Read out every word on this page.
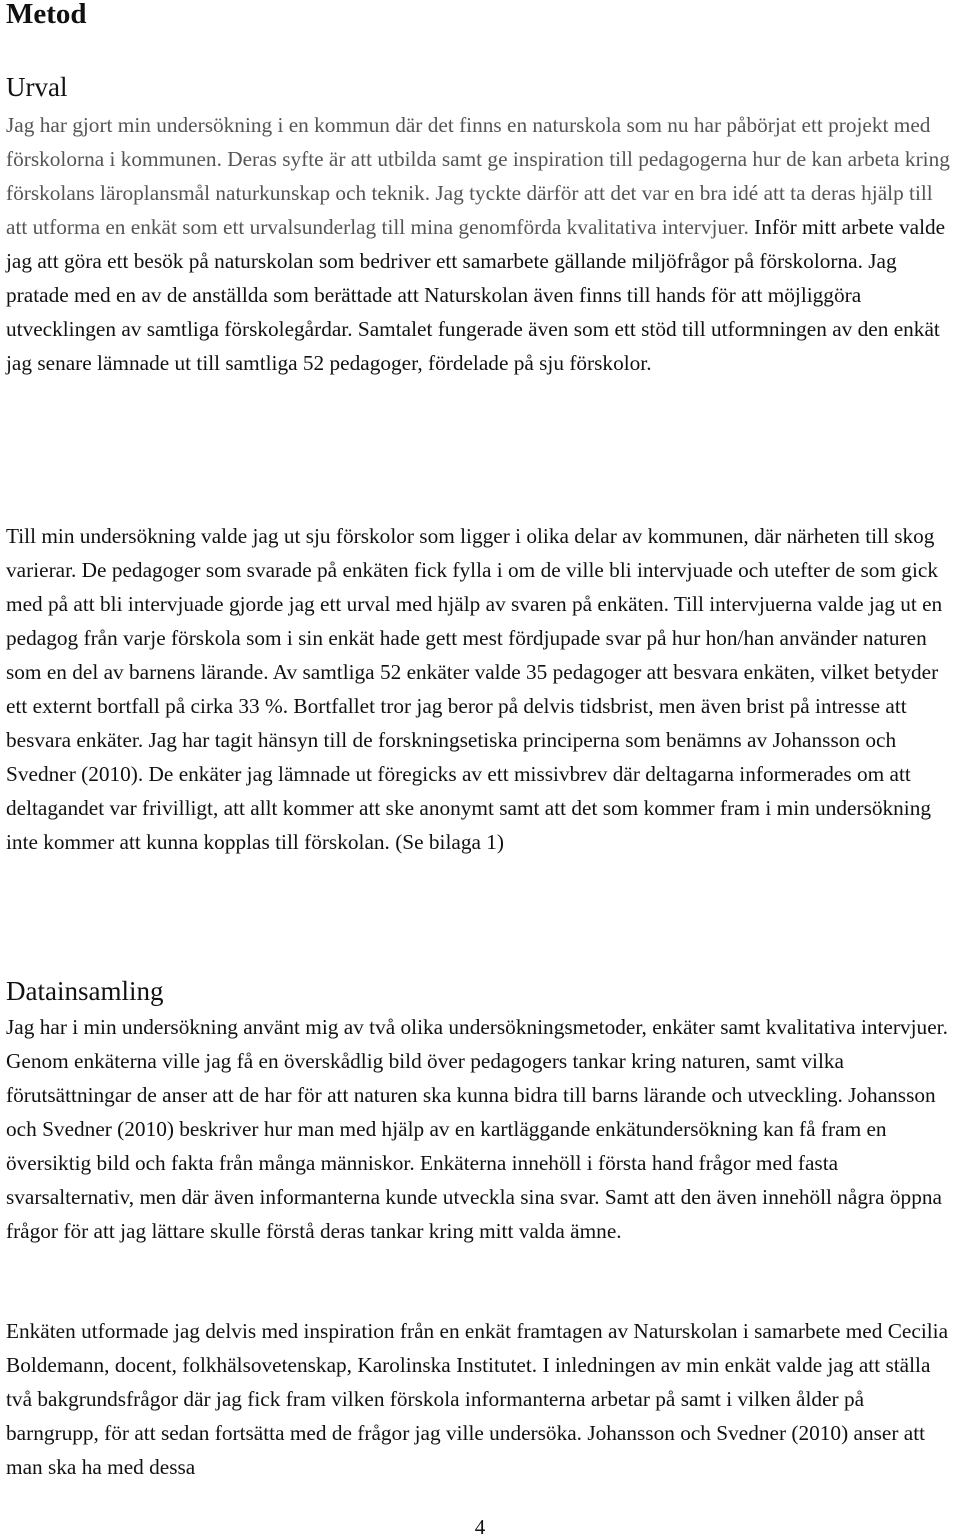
Metod
Urval

Jag har gjort min undersökning i en kommun där det finns en naturskola som nu har påbörjat ett projekt med förskolorna i kommunen. Deras syfte är att utbilda samt ge inspiration till pedagogerna hur de kan arbeta kring förskolans läroplansmål naturkunskap och teknik. Jag tyckte därför att det var en bra idé att ta deras hjälp till att utforma en enkät som ett urvalsunderlag till mina genomförda kvalitativa intervjuer. Inför mitt arbete valde jag att göra ett besök på naturskolan som bedriver ett samarbete gällande miljöfrågor på förskolorna. Jag pratade med en av de anställda som berättade att Naturskolan även finns till hands för att möjliggöra utvecklingen av samtliga förskolegårdar. Samtalet fungerade även som ett stöd till utformningen av den enkät jag senare lämnade ut till samtliga 52 pedagoger, fördelade på sju förskolor.

Till min undersökning valde jag ut sju förskolor som ligger i olika delar av kommunen, där närheten till skog varierar. De pedagoger som svarade på enkäten fick fylla i om de ville bli intervjuade och utefter de som gick med på att bli intervjuade gjorde jag ett urval med hjälp av svaren på enkäten. Till intervjuerna valde jag ut en pedagog från varje förskola som i sin enkät hade gett mest fördjupade svar på hur hon/han använder naturen som en del av barnens lärande. Av samtliga 52 enkäter valde 35 pedagoger att besvara enkäten, vilket betyder ett externt bortfall på cirka 33 %. Bortfallet tror jag beror på delvis tidsbrist, men även brist på intresse att besvara enkäter. Jag har tagit hänsyn till de forskningsetiska principerna som benämns av Johansson och Svedner (2010). De enkäter jag lämnade ut föregicks av ett missivbrev där deltagarna informerades om att deltagandet var frivilligt, att allt kommer att ske anonymt samt att det som kommer fram i min undersökning inte kommer att kunna kopplas till förskolan. (Se bilaga 1)

Datainsamling

Jag har i min undersökning använt mig av två olika undersökningsmetoder, enkäter samt kvalitativa intervjuer. Genom enkäterna ville jag få en överskådlig bild över pedagogers tankar kring naturen, samt vilka förutsättningar de anser att de har för att naturen ska kunna bidra till barns lärande och utveckling. Johansson och Svedner (2010) beskriver hur man med hjälp av en kartläggande enkätundersökning kan få fram en översiktig bild och fakta från många människor. Enkäterna innehöll i första hand frågor med fasta svarsalternativ, men där även informanterna kunde utveckla sina svar. Samt att den även innehöll några öppna frågor för att jag lättare skulle förstå deras tankar kring mitt valda ämne.

Enkäten utformade jag delvis med inspiration från en enkät framtagen av Naturskolan i samarbete med Cecilia Boldemann, docent, folkhälsovetenskap, Karolinska Institutet. I inledningen av min enkät valde jag att ställa två bakgrundsfrågor där jag fick fram vilken förskola informanterna arbetar på samt i vilken ålder på barngrupp, för att sedan fortsätta med de frågor jag ville undersöka. Johansson och Svedner (2010) anser att man ska ha med dessa

4
